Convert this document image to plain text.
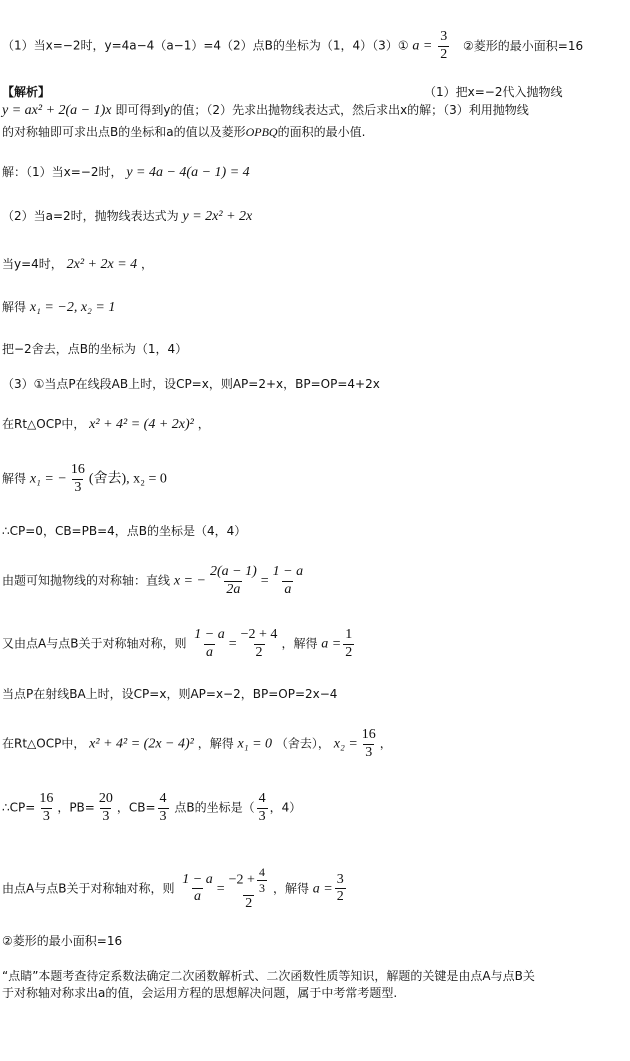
（1）当x=−2时，y=4a−4（a−1）=4（2）点B的坐标为（1，4）（3）① $a = \frac{3}{2}$ ②菱形的最小面积=16
【解析】	（1）把x=−2代入抛物线
y = ax² + 2(a − 1)x 即可得到y的值；（2）先求出抛物线表达式，然后求出x的解；（3）利用抛物线
的对称轴即可求出点B的坐标和a的值以及菱形OPBQ的面积的最小值.
解：（1）当x=−2时， y = 4a − 4(a − 1) = 4
（2）当a=2时，抛物线表达式为 y = 2x² + 2x
当y=4时， 2x² + 2x = 4 ，
解得 x₁ = −2, x₂ = 1
把−2舍去，点B的坐标为（1，4）
（3）①当点P在线段AB上时，设CP=x，则AP=2+x，BP=OP=4+2x
在Rt△OCP中， x² + 4² = (4 + 2x)² ，
解得 x₁ = − $\frac{16}{3}$ (舍去), x₂ = 0
∴CP=0，CB=PB=4，点B的坐标是（4，4）
由题可知抛物线的对称轴：直线 x = − $\frac{2(a - 1)}{2a} = \frac{1 - a}{a}$
又由点A与点B关于对称轴对称，则 $\frac{1 - a}{a} = \frac{-2 + 4}{2}$ ，解得 $a = \frac{1}{2}$
当点P在射线BA上时，设CP=x，则AP=x−2，BP=OP=2x−4
在Rt△OCP中， x² + 4² = (2x − 4)² ，解得 x₁ = 0 （舍去）， $x_2 = \frac{16}{3}$ ，
∴CP= $\frac{16}{3}$ ，$PB= \frac{20}{3}$ ，$CB= \frac{4}{3}$ 点B的坐标是（ $\frac{4}{3}$ ，4）
由点A与点B关于对称轴对称，则 $\frac{1 - a}{a} = \frac{-2 + \frac{4}{3}}{2}$ ，解得 $a = \frac{3}{2}$
②菱形的最小面积=16
“点睛”本题考查待定系数法确定二次函数解析式、二次函数性质等知识，解题的关键是由点A与点B关
于对称轴对称求出a的值，会运用方程的思想解决问题，属于中考常考题型.
